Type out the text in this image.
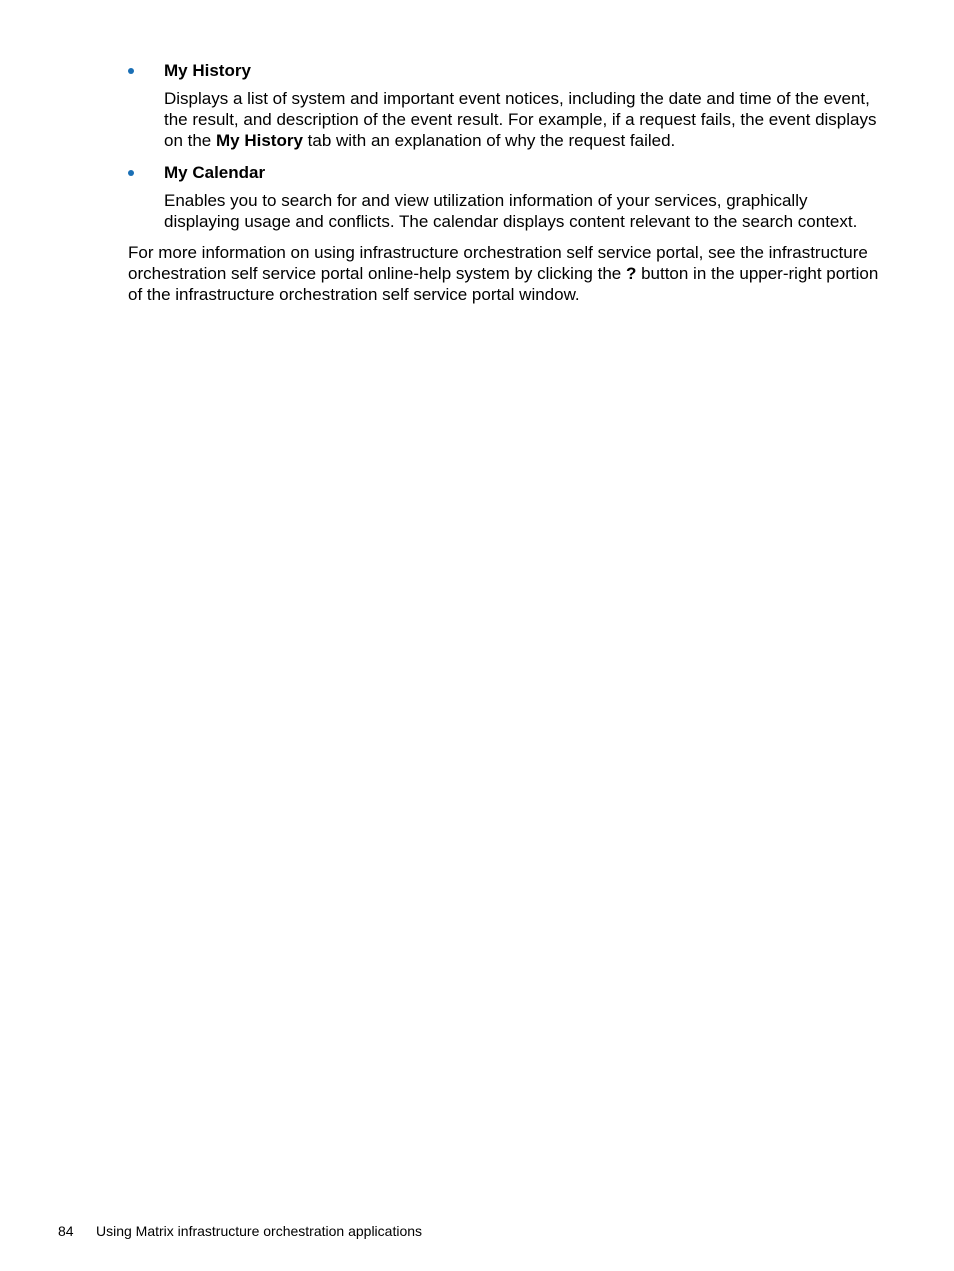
My History
Displays a list of system and important event notices, including the date and time of the event,
the result, and description of the event result. For example, if a request fails, the event displays
on the My History tab with an explanation of why the request failed.
My Calendar
Enables you to search for and view utilization information of your services, graphically
displaying usage and conflicts. The calendar displays content relevant to the search context.
For more information on using infrastructure orchestration self service portal, see the infrastructure
orchestration self service portal online-help system by clicking the ? button in the upper-right portion
of the infrastructure orchestration self service portal window.
84 Using Matrix infrastructure orchestration applications
